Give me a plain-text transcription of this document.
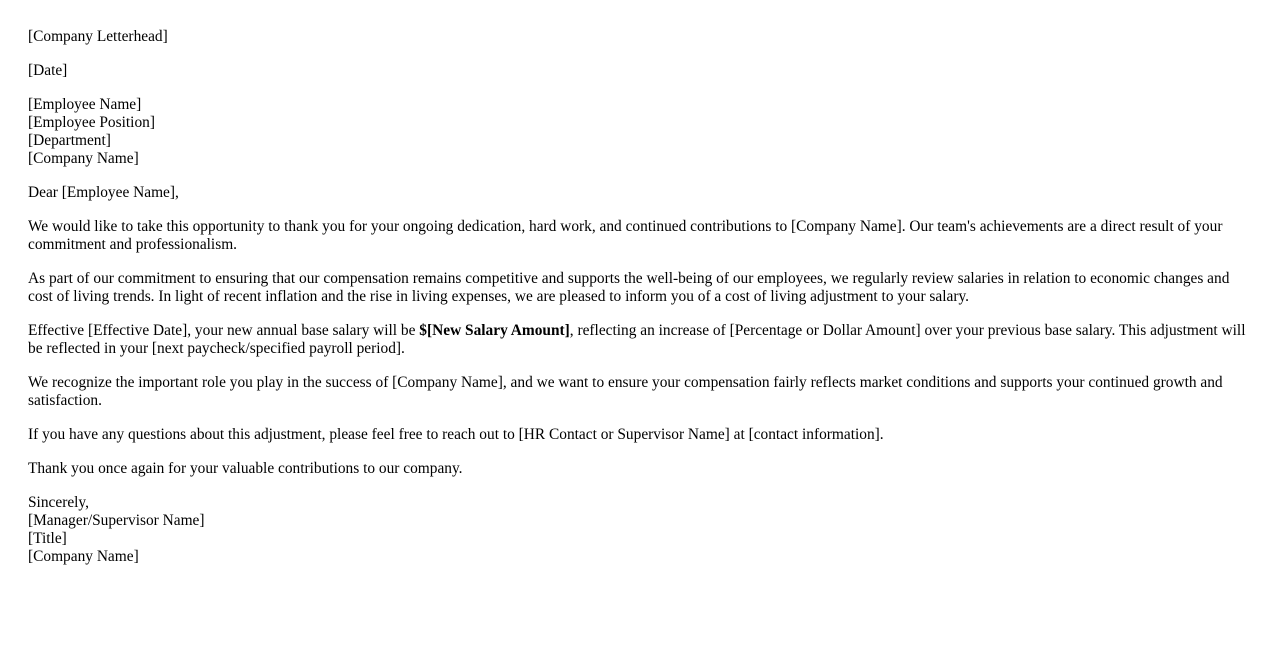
[Company Letterhead]
[Date]
[Employee Name]
[Employee Position]
[Department]
[Company Name]
Dear [Employee Name],

We would like to take this opportunity to thank you for your ongoing dedication, hard work, and continued contributions to [Company Name]. Our team's achievements are a direct result of your commitment and professionalism.

As part of our commitment to ensuring that our compensation remains competitive and supports the well-being of our employees, we regularly review salaries in relation to economic changes and cost of living trends. In light of recent inflation and the rise in living expenses, we are pleased to inform you of a cost of living adjustment to your salary.

Effective [Effective Date], your new annual base salary will be $[New Salary Amount], reflecting an increase of [Percentage or Dollar Amount] over your previous base salary. This adjustment will be reflected in your [next paycheck/specified payroll period].

We recognize the important role you play in the success of [Company Name], and we want to ensure your compensation fairly reflects market conditions and supports your continued growth and satisfaction.

If you have any questions about this adjustment, please feel free to reach out to [HR Contact or Supervisor Name] at [contact information].

Thank you once again for your valuable contributions to our company.

Sincerely,
[Manager/Supervisor Name]
[Title]
[Company Name]
